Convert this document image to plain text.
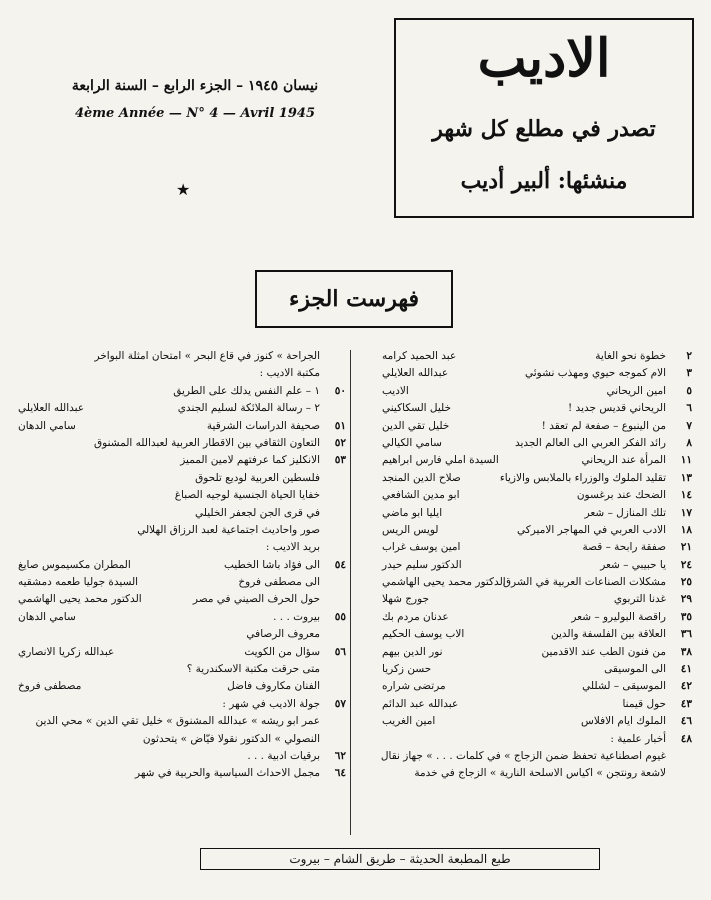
الاديب
تصدر في مطلع كل شهر
منشئها: ألبير أديب
نيسان ١٩٤٥ – الجزء الرابع – السنة الرابعة
4ème Année — N° 4 — Avril 1945
★
فهرست الجزء
٢
خطوة نحو الغاية
عبد الحميد كرامه
٣
الام كموجه حيوي ومهذب نشوئي
عبدالله العلايلي
٥
امين الريحاني
الاديب
٦
الريحاني قديس جديد !
خليل السكاكيني
٧
من الينبوع – صفعة لم تعقد !
خليل تقي الدين
٨
رائد الفكر العربي الى العالم الجديد
سامي الكيالي
١١
المرأة عند الريحاني
السيدة املي فارس ابراهيم
١٣
تقليد الملوك والوزراء بالملابس والازياء
صلاح الدين المنجد
١٤
الضحك عند برغسون
ابو مدين الشافعي
١٧
تلك المنازل – شعر
ايليا ابو ماضي
١٨
الادب العربي في المهاجر الاميركي
لويس الريس
٢١
صفقة رابحة – قصة
امين يوسف غراب
٢٤
يا حبيبي – شعر
الدكتور سليم حيدر
٢٥
مشكلات الصناعات العربية في الشرق
الدكتور محمد يحيى الهاشمي
٢٩
غدنا التربوي
جورج شهلا
٣٥
راقصة البوليرو – شعر
عدنان مردم بك
٣٦
العلاقة بين الفلسفة والدين
الاب يوسف الحكيم
٣٨
من فنون الطب عند الاقدمين
نور الدين بيهم
٤١
الى الموسيقى
حسن زكريا
٤٢
الموسيقى – لشللي
مرتضى شراره
٤٣
حول قيمنا
عبدالله عبد الدائم
٤٦
الملوك ايام الافلاس
امين الغريب
٤٨
أخبار علمية :
غيوم اصطناعية تحفظ ضمن الزجاج » في كلمات . . . » جهاز نقال
لاشعة رونتجن » اكياس الاسلحة النارية » الزجاج في خدمة
الجراحة » كنوز في قاع البحر » امتحان امثلة البواخر
مكتبة الاديب :
٥٠
١ – علم النفس يدلك على الطريق
٢ – رسالة الملائكة لسليم الجندي
عبدالله العلايلي
٥١
صحيفة الدراسات الشرقية
سامي الدهان
٥٢
التعاون الثقافي بين الاقطار العربية لعبدالله المشنوق
٥٣
الانكليز كما عرفتهم لامين المميز
فلسطين العربية لوديع تلحوق
خفايا الحياة الجنسية لوجيه الصباغ
في قرى الجن لجعفر الخليلي
صور واحاديث اجتماعية لعبد الرزاق الهلالي
بريد الاديب :
٥٤
الى فؤاد باشا الخطيب
المطران مكسيموس صايغ
الى مصطفى فروخ
السيدة جوليا طعمه دمشقيه
حول الحرف الصيني في مصر
الدكتور محمد يحيى الهاشمي
٥٥
بيروت . . .
سامي الدهان
معروف الرصافي
٥٦
سؤال من الكويت
عبدالله زكريا الانصاري
متى حرقت مكتبة الاسكندرية ؟
الفنان مكاروف فاضل
مصطفى فروخ
٥٧
جولة الاديب في شهر :
عمر ابو ريشه » عبدالله المشنوق » خليل تقي الدين » محي الدين
النصولي » الدكتور نقولا فيّاض » يتحدثون
٦٢
برقيات ادبية . . .
٦٤
مجمل الاحداث السياسية والحربية في شهر
طبع المطبعة الحديثة – طريق الشام – بيروت
